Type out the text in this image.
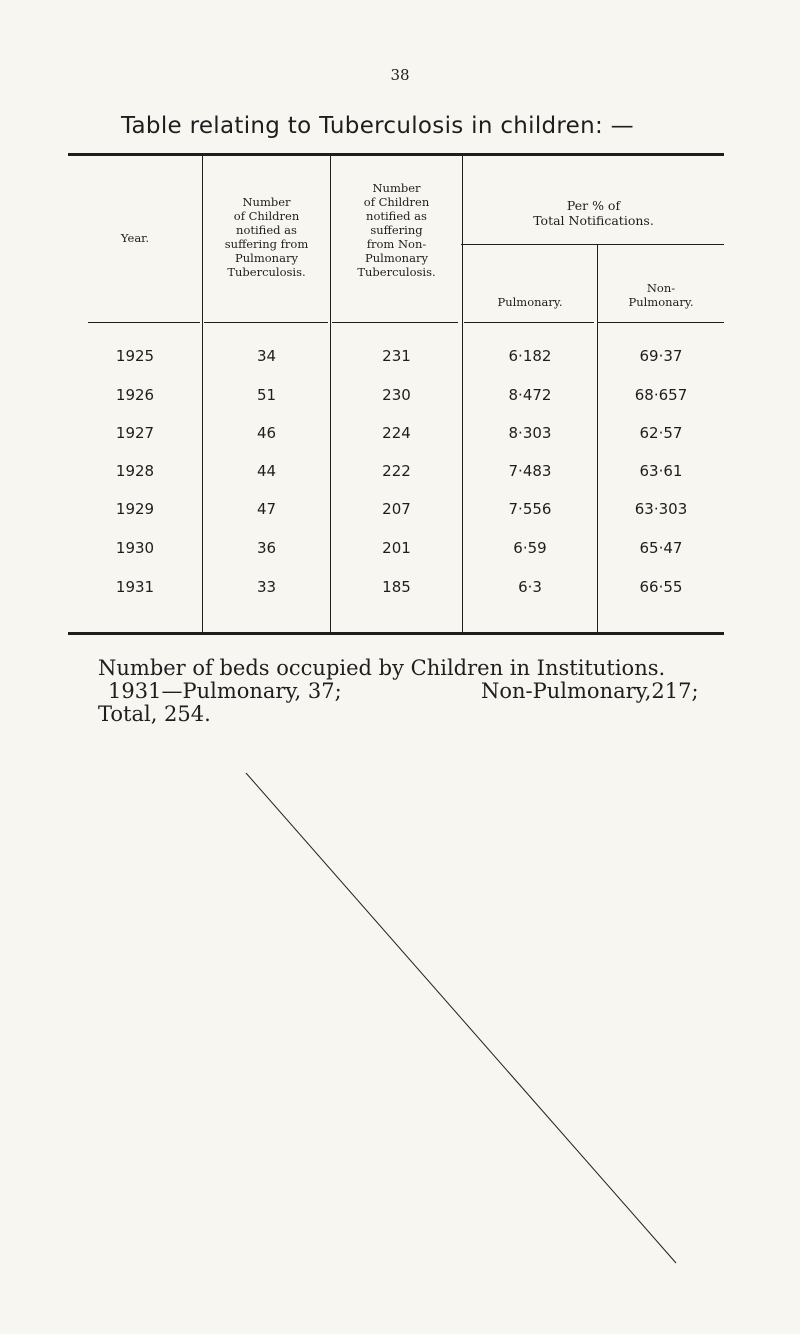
38
Table relating to Tuberculosis in children: —
Year.
Number
of Children
notified as
suffering from
Pulmonary
Tuberculosis.
Number
of Children
notified as
suffering
from Non-
Pulmonary
Tuberculosis.
Per % of
Total Notifications.
Pulmonary.
Non-
Pulmonary.
1925	34	231	6·182	69·37
1926	51	230	8·472	68·657
1927	46	224	8·303	62·57
1928	44	222	7·483	63·61
1929	47	207	7·556	63·303
1930	36	201	6·59	65·47
1931	33	185	6·3	66·55
Number of beds occupied by Children in Institutions.
1931—Pulmonary, 37;	Non-Pulmonary,217;
Total, 254.
